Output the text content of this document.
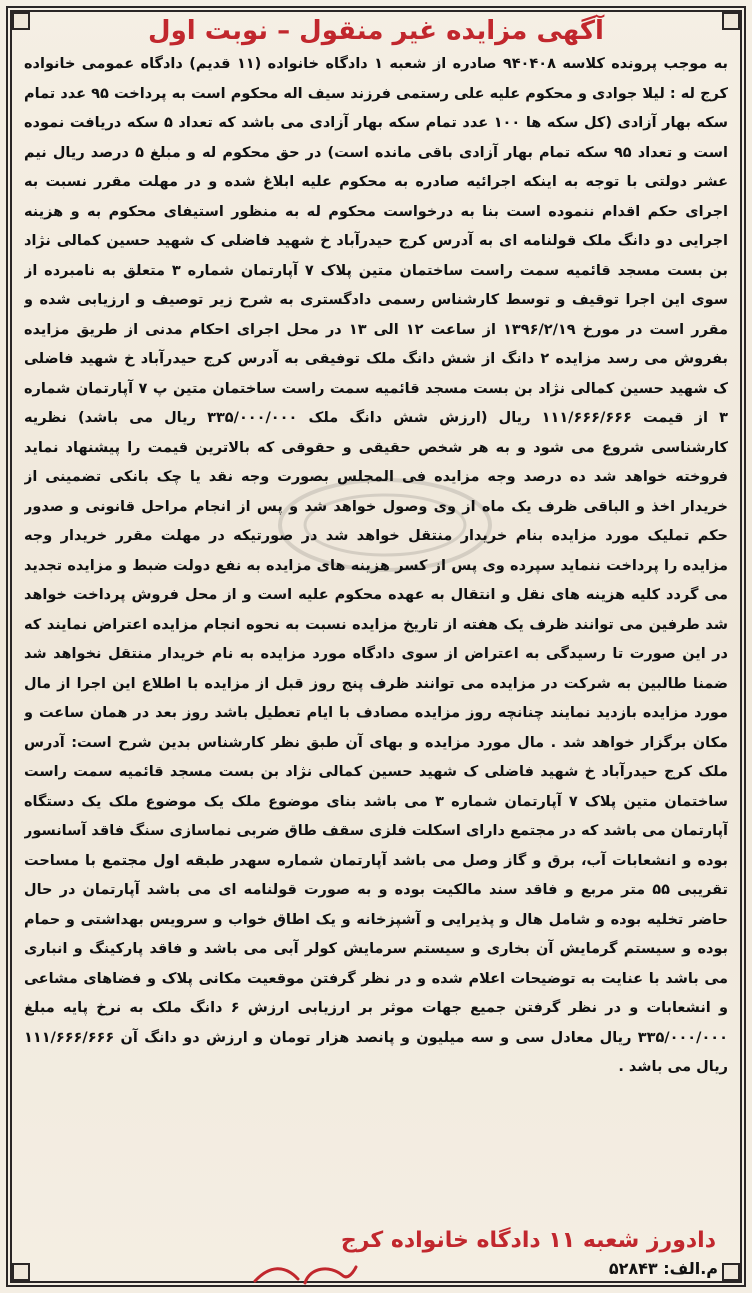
آگهی مزایده غیر منقول – نوبت اول
به موجب پرونده کلاسه ۹۴۰۴۰۸ صادره از شعبه ۱ دادگاه خانواده (۱۱ قدیم) دادگاه عمومی خانواده کرج له : لیلا جوادی و محکوم علیه علی رستمی فرزند سیف اله محکوم است به پرداخت ۹۵ عدد تمام سکه بهار آزادی (کل سکه ها ۱۰۰ عدد تمام سکه بهار آزادی می باشد که تعداد ۵ سکه دریافت نموده است و تعداد ۹۵ سکه تمام بهار آزادی باقی مانده است) در حق محکوم له و مبلغ ۵ درصد ریال نیم عشر دولتی با توجه به اینکه اجرائیه صادره به محکوم علیه ابلاغ شده و در مهلت مقرر نسبت به اجرای حکم اقدام ننموده است بنا به درخواست محکوم له به منظور استیفای محکوم به و هزینه اجرایی دو دانگ ملک قولنامه ای به آدرس کرج حیدرآباد خ شهید فاضلی ک شهید حسین کمالی نژاد بن بست مسجد قائمیه سمت راست ساختمان متین پلاک ۷ آپارتمان شماره ۳ متعلق به نامبرده از سوی این اجرا توقیف و توسط کارشناس رسمی دادگستری به شرح زیر توصیف و ارزیابی شده و مقرر است در مورخ ۱۳۹۶/۲/۱۹ از ساعت ۱۲ الی ۱۳ در محل اجرای احکام مدنی از طریق مزایده بفروش می رسد مزایده ۲ دانگ از شش دانگ ملک توفیقی به آدرس کرج حیدرآباد خ شهید فاضلی ک شهید حسین کمالی نژاد بن بست مسجد قائمیه سمت راست ساختمان متین پ ۷ آپارتمان شماره ۳ از قیمت ۱۱۱/۶۶۶/۶۶۶ ریال (ارزش شش دانگ ملک ۳۳۵/۰۰۰/۰۰۰ ریال می باشد) نظریه کارشناسی شروع می شود و به هر شخص حقیقی و حقوقی که بالاترین قیمت را پیشنهاد نماید فروخته خواهد شد ده درصد وجه مزایده فی المجلس بصورت وجه نقد یا چک بانکی تضمینی از خریدار اخذ و الباقی ظرف یک ماه از وی وصول خواهد شد و پس از انجام مراحل قانونی و صدور حکم تملیک مورد مزایده بنام خریدار منتقل خواهد شد در صورتیکه در مهلت مقرر خریدار وجه مزایده را پرداخت ننماید سپرده وی پس از کسر هزینه های مزایده به نفع دولت ضبط و مزایده تجدید می گردد کلیه هزینه های نقل و انتقال به عهده محکوم علیه است و از محل فروش پرداخت خواهد شد طرفین می توانند ظرف یک هفته از تاریخ مزایده نسبت به نحوه انجام مزایده اعتراض نمایند که در این صورت تا رسیدگی به اعتراض از سوی دادگاه مورد مزایده به نام خریدار منتقل نخواهد شد ضمنا طالبین به شرکت در مزایده می توانند ظرف پنج روز قبل از مزایده با اطلاع این اجرا از مال مورد مزایده بازدید نمایند چنانچه روز مزایده مصادف با ایام تعطیل باشد روز بعد در همان ساعت و مکان برگزار خواهد شد . مال مورد مزایده و بهای آن طبق نظر کارشناس بدین شرح است: آدرس ملک کرج حیدرآباد خ شهید فاضلی ک شهید حسین کمالی نژاد بن بست مسجد قائمیه سمت راست ساختمان متین پلاک ۷ آپارتمان شماره ۳ می باشد بنای موضوع ملک یک موضوع ملک یک دستگاه آپارتمان می باشد که در مجتمع دارای اسکلت فلزی سقف طاق ضربی نماسازی سنگ فاقد آسانسور بوده و انشعابات آب، برق و گاز وصل می باشد آپارتمان شماره سهدر طبقه اول مجتمع با مساحت تقریبی ۵۵ متر مربع و فاقد سند مالکیت بوده و به صورت قولنامه ای می باشد آپارتمان در حال حاضر تخلیه بوده و شامل هال و پذیرایی و آشپزخانه و یک اطاق خواب و سرویس بهداشتی و حمام بوده و سیستم گرمایش آن بخاری و سیستم سرمایش کولر آبی می باشد و فاقد پارکینگ و انباری می باشد با عنایت به توضیحات اعلام شده و در نظر گرفتن موقعیت مکانی پلاک و فضاهای مشاعی و انشعابات و در نظر گرفتن جمیع جهات موثر بر ارزیابی ارزش ۶ دانگ ملک به نرخ پایه مبلغ ۳۳۵/۰۰۰/۰۰۰ ریال معادل سی و سه میلیون و پانصد هزار تومان و ارزش دو دانگ آن ۱۱۱/۶۶۶/۶۶۶ ریال می باشد .
دادورز شعبه ۱۱ دادگاه خانواده کرج
م.الف: ۵۲۸۴۳
